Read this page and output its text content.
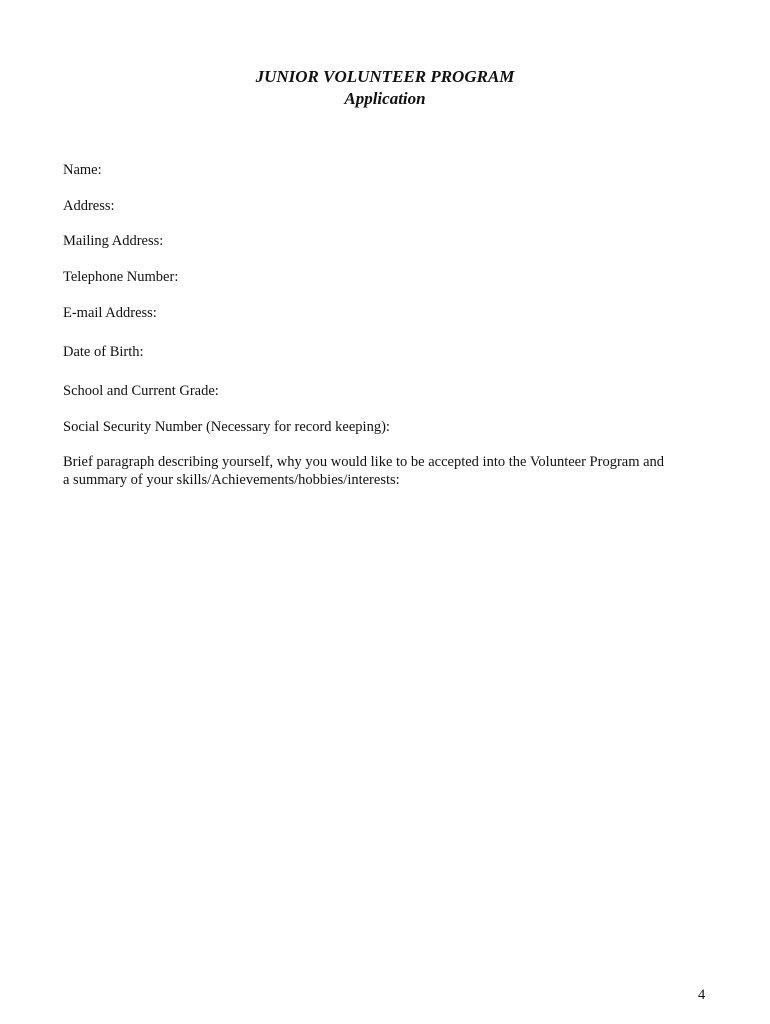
JUNIOR VOLUNTEER PROGRAM
Application
Name:
Address:
Mailing Address:
Telephone Number:
E-mail Address:
Date of Birth:
School and Current Grade:
Social Security Number (Necessary for record keeping):
Brief paragraph describing yourself, why you would like to be accepted into the Volunteer Program and
a summary of your skills/Achievements/hobbies/interests:
4
